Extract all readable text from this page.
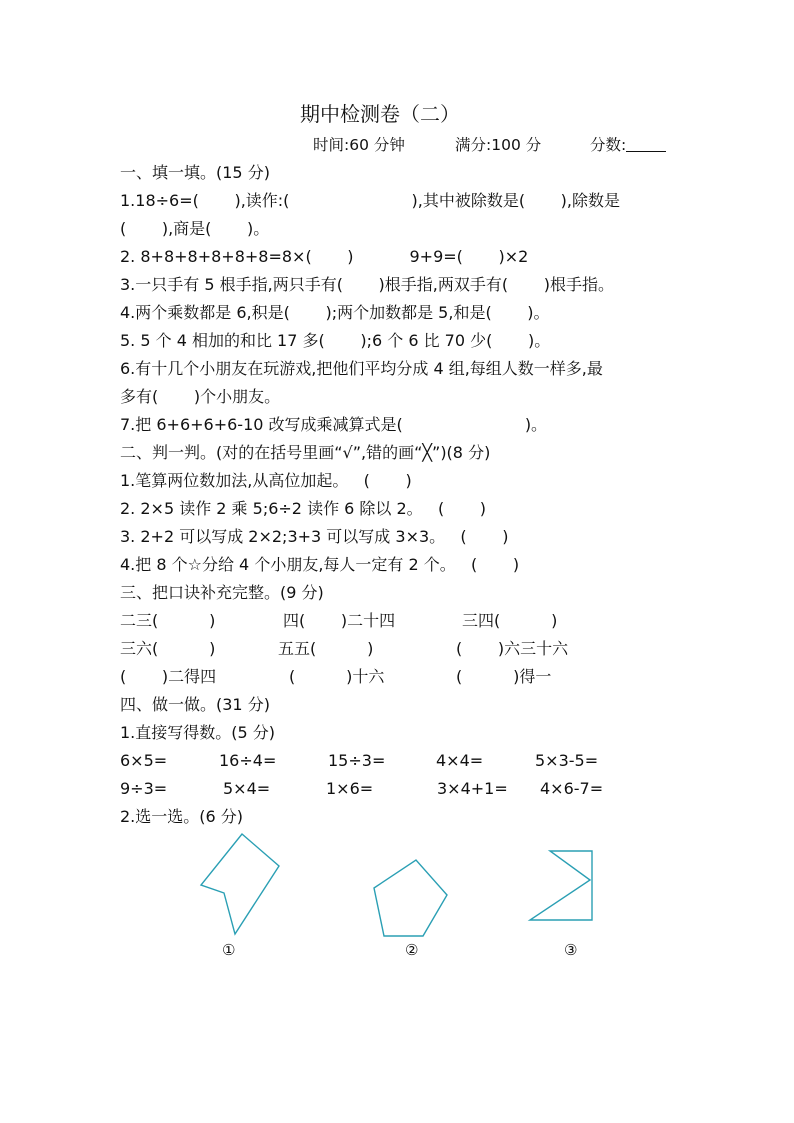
期中检测卷（二）
时间:60 分钟	满分:100 分	分数:
一、填一填。(15 分)
1.18÷6=(       ),读作:(                        ),其中被除数是(       ),除数是
(       ),商是(       )。
2. 8+8+8+8+8+8=8×(       )           9+9=(       )×2
3.一只手有 5 根手指,两只手有(       )根手指,两双手有(       )根手指。
4.两个乘数都是 6,积是(       );两个加数都是 5,和是(       )。
5. 5 个 4 相加的和比 17 多(       );6 个 6 比 70 少(       )。
6.有十几个小朋友在玩游戏,把他们平均分成 4 组,每组人数一样多,最
多有(       )个小朋友。
7.把 6+6+6+6-10 改写成乘减算式是(                        )。
二、判一判。(对的在括号里画“√”,错的画“╳”)(8 分)
1.笔算两位数加法,从高位加起。   (       )
2. 2×5 读作 2 乘 5;6÷2 读作 6 除以 2。   (       )
3. 2+2 可以写成 2×2;3+3 可以写成 3×3。   (       )
4.把 8 个☆分给 4 个小朋友,每人一定有 2 个。   (       )
三、把口诀补充完整。(9 分)
二三(          )	四(       )二十四	三四(          )
三六(          )	五五(          )	(       )六三十六
(       )二得四	(          )十六	(          )得一
四、做一做。(31 分)
1.直接写得数。(5 分)
6×5=	16÷4=	15÷3=	4×4=	5×3-5=
9÷3=	5×4=	1×6=	3×4+1= 4×6-7=
2.选一选。(6 分)
①	②	③
